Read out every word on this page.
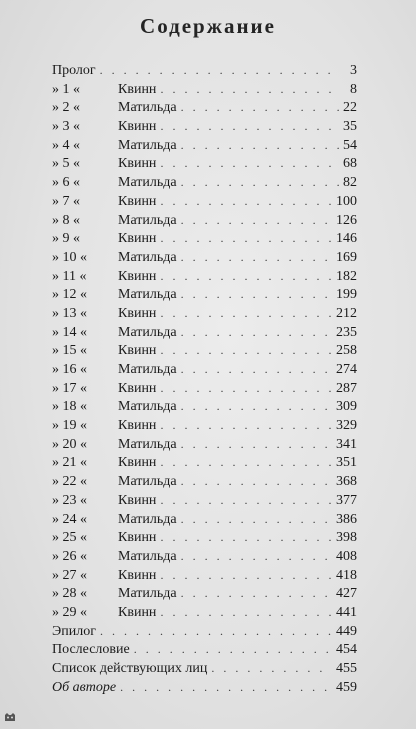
Содержание
Пролог . . .	3
» 1 «	Квинн . . .	8
» 2 «	Матильда . . .	22
» 3 «	Квинн . . .	35
» 4 «	Матильда . . .	54
» 5 «	Квинн . . .	68
» 6 «	Матильда . . .	82
» 7 «	Квинн . . .	100
» 8 «	Матильда . . .	126
» 9 «	Квинн . . .	146
» 10 «	Матильда . . .	169
» 11 «	Квинн . . .	182
» 12 «	Матильда . . .	199
» 13 «	Квинн . . .	212
» 14 «	Матильда . . .	235
» 15 «	Квинн . . .	258
» 16 «	Матильда . . .	274
» 17 «	Квинн . . .	287
» 18 «	Матильда . . .	309
» 19 «	Квинн . . .	329
» 20 «	Матильда . . .	341
» 21 «	Квинн . . .	351
» 22 «	Матильда . . .	368
» 23 «	Квинн . . .	377
» 24 «	Матильда . . .	386
» 25 «	Квинн . . .	398
» 26 «	Матильда . . .	408
» 27 «	Квинн . . .	418
» 28 «	Матильда . . .	427
» 29 «	Квинн . . .	441
Эпилог . . .	449
Послесловие . . .	454
Список действующих лиц . . .	455
Об авторе . . .	459
